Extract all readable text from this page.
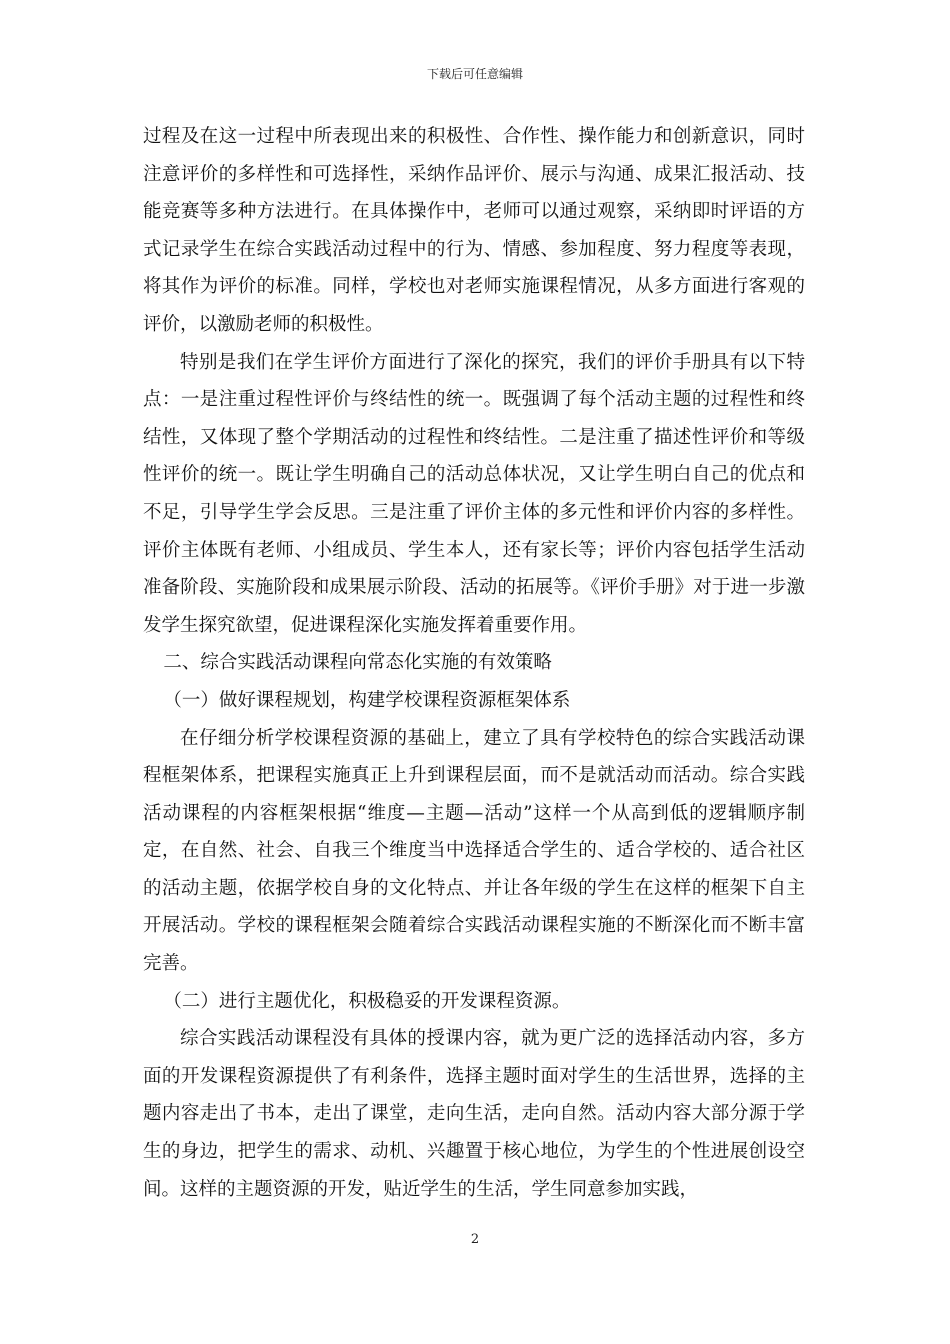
下载后可任意编辑

过程及在这一过程中所表现出来的积极性、合作性、操作能力和创新意识，同时注意评价的多样性和可选择性，采纳作品评价、展示与沟通、成果汇报活动、技能竞赛等多种方法进行。在具体操作中，老师可以通过观察，采纳即时评语的方式记录学生在综合实践活动过程中的行为、情感、参加程度、努力程度等表现，将其作为评价的标准。同样，学校也对老师实施课程情况，从多方面进行客观的评价，以激励老师的积极性。

特别是我们在学生评价方面进行了深化的探究，我们的评价手册具有以下特点：一是注重过程性评价与终结性的统一。既强调了每个活动主题的过程性和终结性，又体现了整个学期活动的过程性和终结性。二是注重了描述性评价和等级性评价的统一。既让学生明确自己的活动总体状况，又让学生明白自己的优点和不足，引导学生学会反思。三是注重了评价主体的多元性和评价内容的多样性。评价主体既有老师、小组成员、学生本人，还有家长等；评价内容包括学生活动准备阶段、实施阶段和成果展示阶段、活动的拓展等。《评价手册》对于进一步激发学生探究欲望，促进课程深化实施发挥着重要作用。

二、综合实践活动课程向常态化实施的有效策略

（一）做好课程规划，构建学校课程资源框架体系

在仔细分析学校课程资源的基础上，建立了具有学校特色的综合实践活动课程框架体系，把课程实施真正上升到课程层面，而不是就活动而活动。综合实践活动课程的内容框架根据“维度—主题—活动”这样一个从高到低的逻辑顺序制定，在自然、社会、自我三个维度当中选择适合学生的、适合学校的、适合社区的活动主题，依据学校自身的文化特点、并让各年级的学生在这样的框架下自主开展活动。学校的课程框架会随着综合实践活动课程实施的不断深化而不断丰富完善。

（二）进行主题优化，积极稳妥的开发课程资源。

综合实践活动课程没有具体的授课内容，就为更广泛的选择活动内容，多方面的开发课程资源提供了有利条件，选择主题时面对学生的生活世界，选择的主题内容走出了书本，走出了课堂，走向生活，走向自然。活动内容大部分源于学生的身边，把学生的需求、动机、兴趣置于核心地位，为学生的个性进展创设空间。这样的主题资源的开发，贴近学生的生活，学生同意参加实践，

2
